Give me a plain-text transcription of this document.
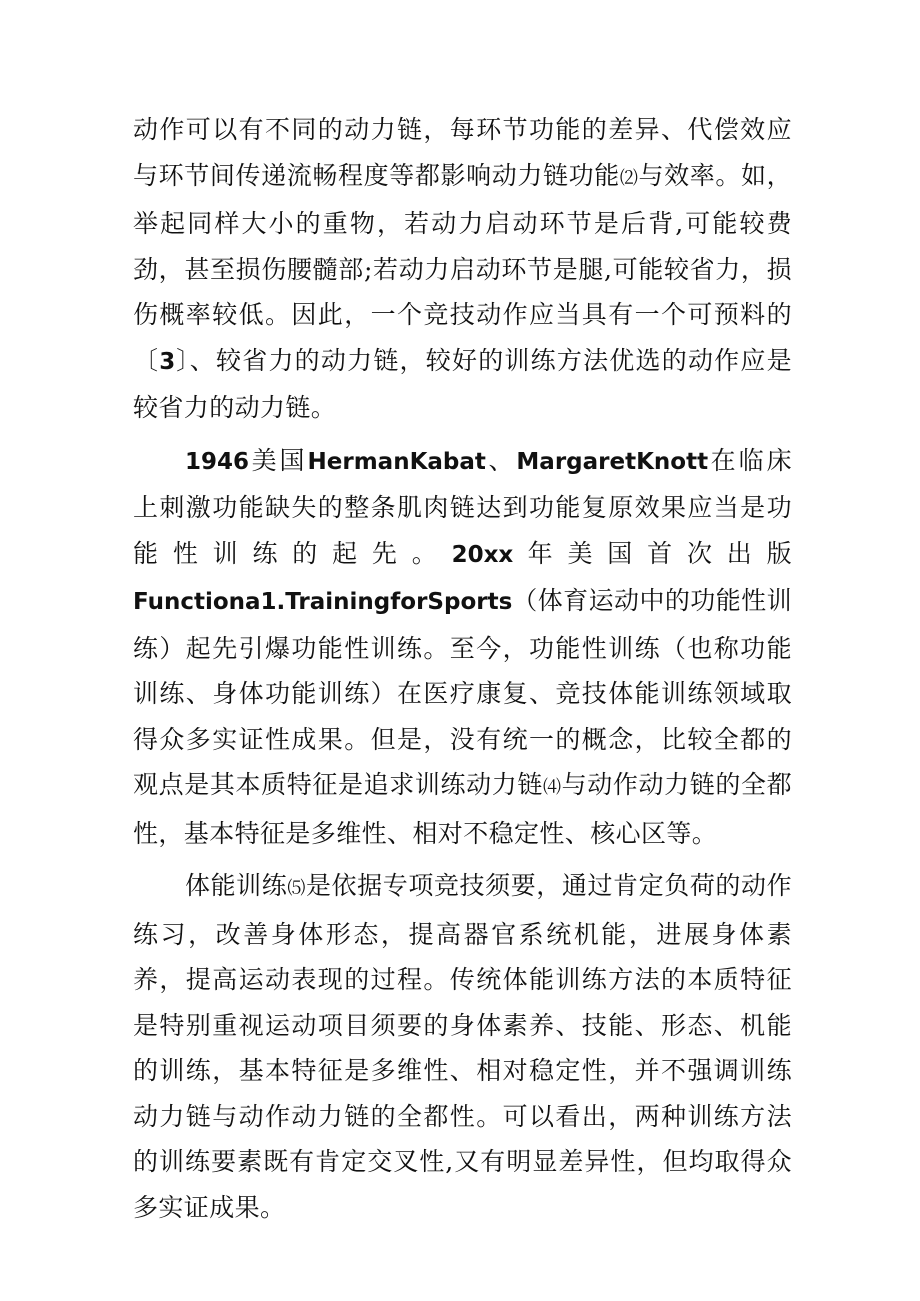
动作可以有不同的动力链，每环节功能的差异、代偿效应与环节间传递流畅程度等都影响动力链功能⑵与效率。如，举起同样大小的重物，若动力启动环节是后背,可能较费劲，甚至损伤腰髓部;若动力启动环节是腿,可能较省力，损伤概率较低。因此，一个竞技动作应当具有一个可预料的〔3〕、较省力的动力链，较好的训练方法优选的动作应是较省力的动力链。

1946美国HermanKabat、MargaretKnott在临床上刺激功能缺失的整条肌肉链达到功能复原效果应当是功能性训练的起先。20xx年美国首次出版Functiona1.TrainingforSports（体育运动中的功能性训练）起先引爆功能性训练。至今，功能性训练（也称功能训练、身体功能训练）在医疗康复、竞技体能训练领域取得众多实证性成果。但是，没有统一的概念，比较全都的观点是其本质特征是追求训练动力链⑷与动作动力链的全都性，基本特征是多维性、相对不稳定性、核心区等。

体能训练⑸是依据专项竞技须要，通过肯定负荷的动作练习，改善身体形态，提高器官系统机能，进展身体素养，提高运动表现的过程。传统体能训练方法的本质特征是特别重视运动项目须要的身体素养、技能、形态、机能的训练，基本特征是多维性、相对稳定性，并不强调训练动力链与动作动力链的全都性。可以看出，两种训练方法的训练要素既有肯定交叉性,又有明显差异性，但均取得众多实证成果。
